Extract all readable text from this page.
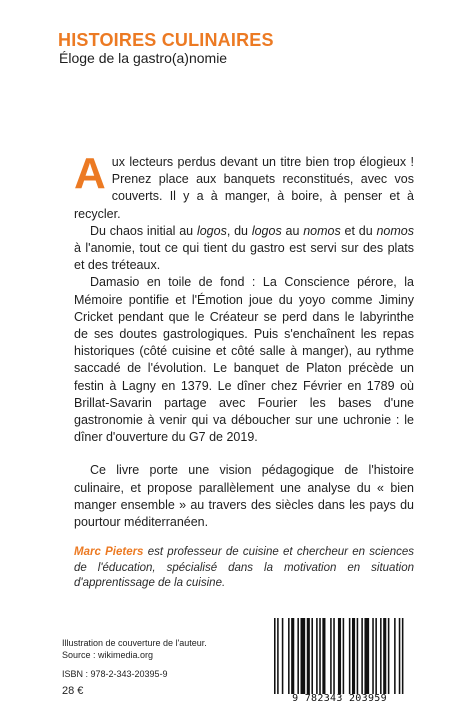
HISTOIRES CULINAIRES
Éloge de la gastro(a)nomie

Aux lecteurs perdus devant un titre bien trop élogieux ! Prenez place aux banquets reconstitués, avec vos couverts. Il y a à manger, à boire, à penser et à recycler.

Du chaos initial au logos, du logos au nomos et du nomos à l'anomie, tout ce qui tient du gastro est servi sur des plats et des tréteaux.

Damasio en toile de fond : La Conscience pérore, la Mémoire pontifie et l'Émotion joue du yoyo comme Jiminy Cricket pendant que le Créateur se perd dans le labyrinthe de ses doutes gastrologiques. Puis s'enchaînent les repas historiques (côté cuisine et côté salle à manger), au rythme saccadé de l'évolution. Le banquet de Platon précède un festin à Lagny en 1379. Le dîner chez Février en 1789 où Brillat-Savarin partage avec Fourier les bases d'une gastronomie à venir qui va déboucher sur une uchronie : le dîner d'ouverture du G7 de 2019.

Ce livre porte une vision pédagogique de l'histoire culinaire, et propose parallèlement une analyse du « bien manger ensemble » au travers des siècles dans les pays du pourtour méditerranéen.

Marc Pieters est professeur de cuisine et chercheur en sciences de l'éducation, spécialisé dans la motivation en situation d'apprentissage de la cuisine.
Illustration de couverture de l'auteur.
Source : wikimedia.org
ISBN : 978-2-343-20395-9
28 €
9 782343 203959
